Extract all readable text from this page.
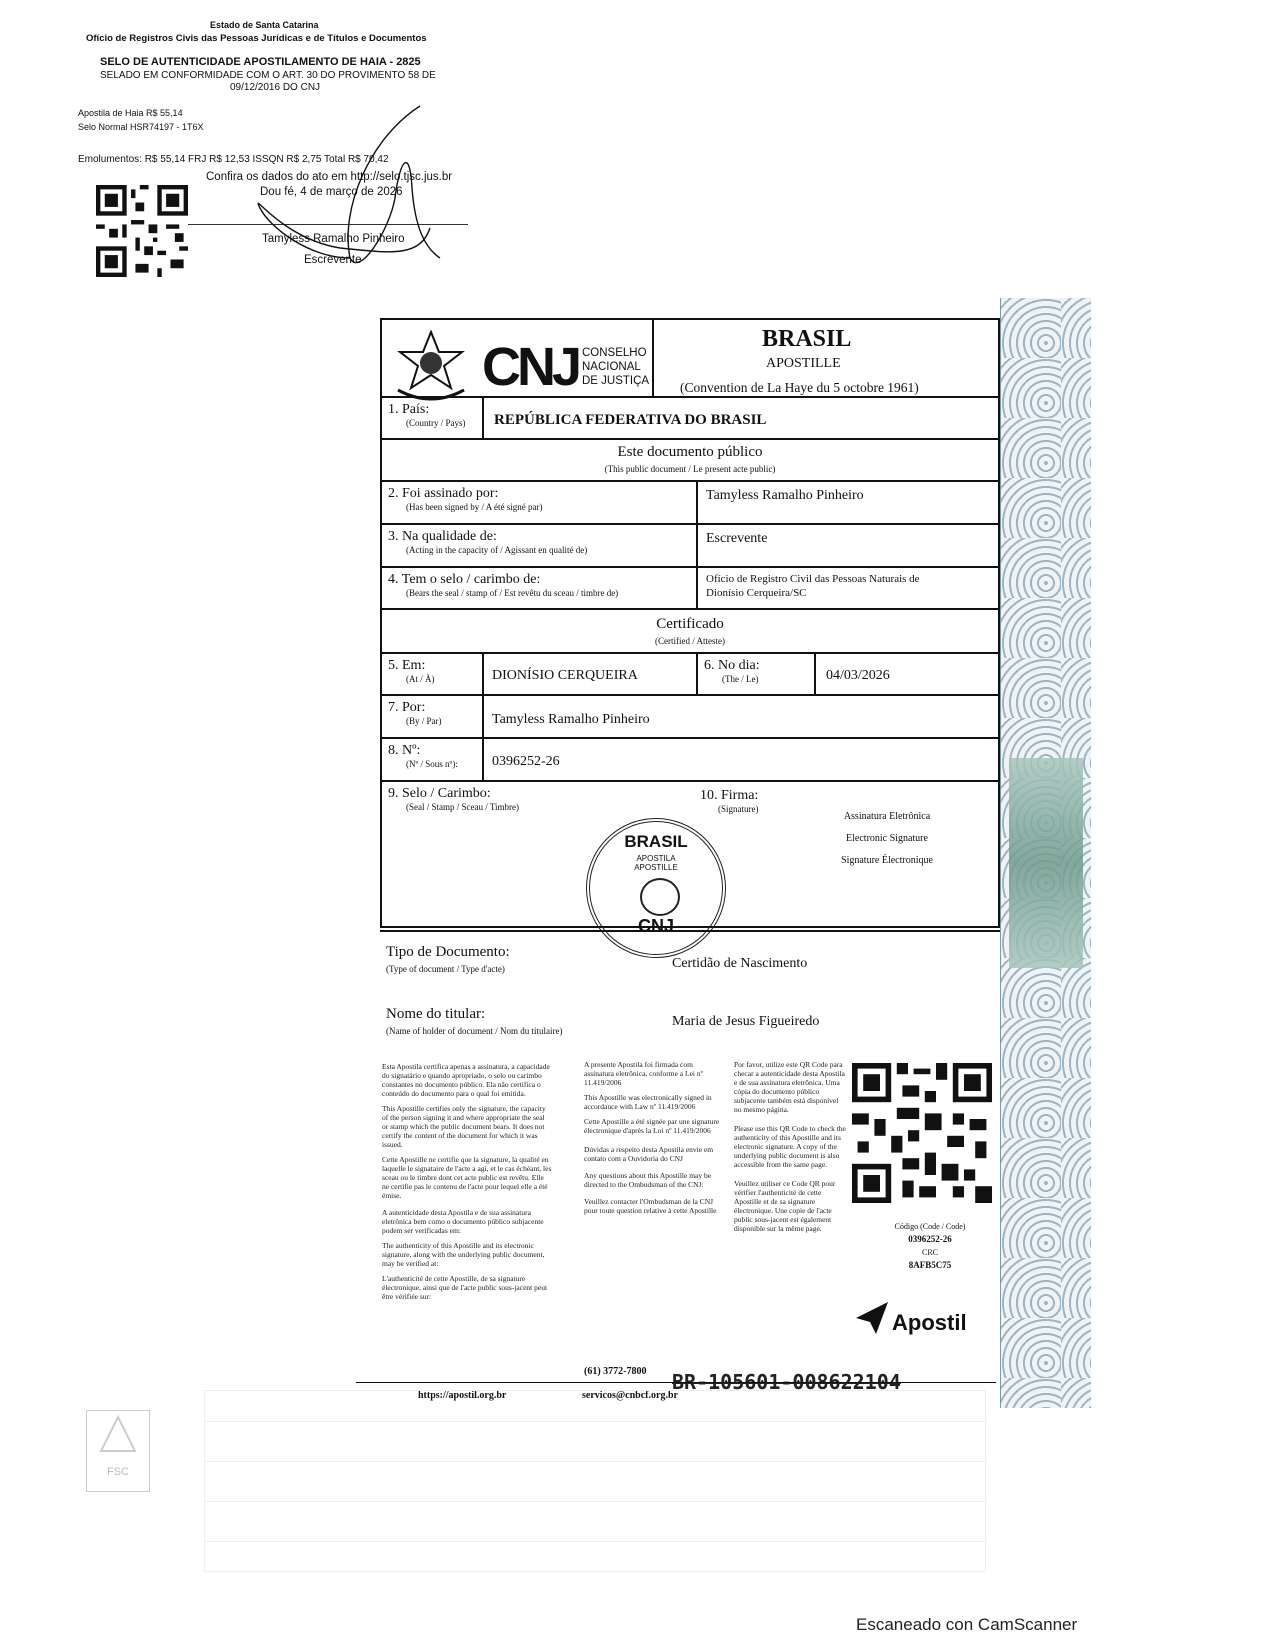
Estado de Santa Catarina
Ofício de Registros Civis das Pessoas Jurídicas e de Títulos e Documentos
SELO DE AUTENTICIDADE APOSTILAMENTO DE HAIA - 2825
SELADO EM CONFORMIDADE COM O ART. 30 DO PROVIMENTO 58 DE
09/12/2016 DO CNJ
Apostila de Haia R$ 55,14
Selo Normal HSR74197 - 1T6X
Emolumentos: R$ 55,14 FRJ R$ 12,53 ISSQN R$ 2,75 Total R$ 70,42
Confira os dados do ato em http://selo.tjsc.jus.br
Dou fé, 4 de março de 2026
Tamyless Ramalho Pinheiro
Escrevente
CNJ CONSELHO
NACIONAL
DE JUSTIÇA
BRASIL
APOSTILLE
(Convention de La Haye du 5 octobre 1961)
1. País:
(Country / Pays) REPÚBLICA FEDERATIVA DO BRASIL
Este documento público
(This public document / Le present acte public)
2. Foi assinado por:
(Has been signed by / A été signé par)
Tamyless Ramalho Pinheiro
3. Na qualidade de:
(Acting in the capacity of / Agissant en qualité de)
Escrevente
4. Tem o selo / carimbo de:
(Bears the seal / stamp of / Est revêtu du sceau / timbre de)
Ofício de Registro Civil das Pessoas Naturais de
Dionísio Cerqueira/SC
Certificado
(Certified / Atteste)
5. Em:
(At / À)	DIONÍSIO CERQUEIRA
6. No dia:
(The / Le)	04/03/2026
7. Por:
(By / Par)	Tamyless Ramalho Pinheiro
8. Nº:
(Nº / Sous nº): 0396252-26
9. Selo / Carimbo:
(Seal / Stamp / Sceau / Timbre)
10. Firma:
(Signature)
Assinatura Eletrônica
Electronic Signature
Signature Électronique
BRASIL
APOSTILA
APOSTILLE
CNJ
Tipo de Documento:
(Type of document / Type d'acte)	Certidão de Nascimento
Nome do titular:
(Name of holder of document / Nom du titulaire)
Maria de Jesus Figueiredo

Esta Apostila certifica apenas a assinatura, a capacidade do signatário e quando apropriado, o selo ou carimbo constantes no documento público. Ela não certifica o conteúdo do documento para o qual foi emitida.

This Apostille certifies only the signature, the capacity of the person signing it and where appropriate the seal or stamp which the public document bears. It does not certify the content of the document for which it was issued.

Cette Apostille ne certifie que la signature, la qualité en laquelle le signataire de l'acte a agi, et le cas échéant, les sceau ou le timbre dont cet acte public est revêtu. Elle ne certifie pas le contenu de l'acte pour lequel elle a été émise.

A autenticidade desta Apostila e de sua assinatura eletrônica bem como o documento público subjacente podem ser verificadas em:

The authenticity of this Apostille and its electronic signature, along with the underlying public document, may be verified at:

L'authenticité de cette Apostille, de sa signature électronique, ainsi que de l'acte public sous-jacent peut être vérifiée sur:

https://apostil.org.br

A presente Apostila foi firmada com assinatura eletrônica, conforme a Lei nº 11.419/2006

This Apostille was electronically signed in accordance with Law nº 11.419/2006

Cette Apostille a été signée par une signature électronique d'après la Loi nº 11.419/2006

Dúvidas a respeito desta Apostila envie em contato com a Ouvidoria do CNJ

Any questions about this Apostille may be directed to the Ombudsman of the CNJ:

Veuillez contacter l'Ombudsman de la CNJ pour toute question relative à cette Apostille

(61) 3772-7800
servicos@cnbcf.org.br

Por favor, utilize este QR Code para checar a autenticidade desta Apostila e de sua assinatura eletrônica. Uma cópia do documento público subjacente também está disponível no mesmo página.

Please use this QR Code to check the authenticity of this Apostille and its electronic signature. A copy of the underlying public document is also accessible from the same page.

Veuillez utiliser ce Code QR pour vérifier l'authenticité de cette Apostille et de sa signature électronique. Une copie de l'acte public sous-jacent est également disponible sur la même page.	Código (Code / Code)
0396252-26
CRC
8AFB5C75
Apostil
BR-105601-008622104
FSC
Escaneado con CamScanner
